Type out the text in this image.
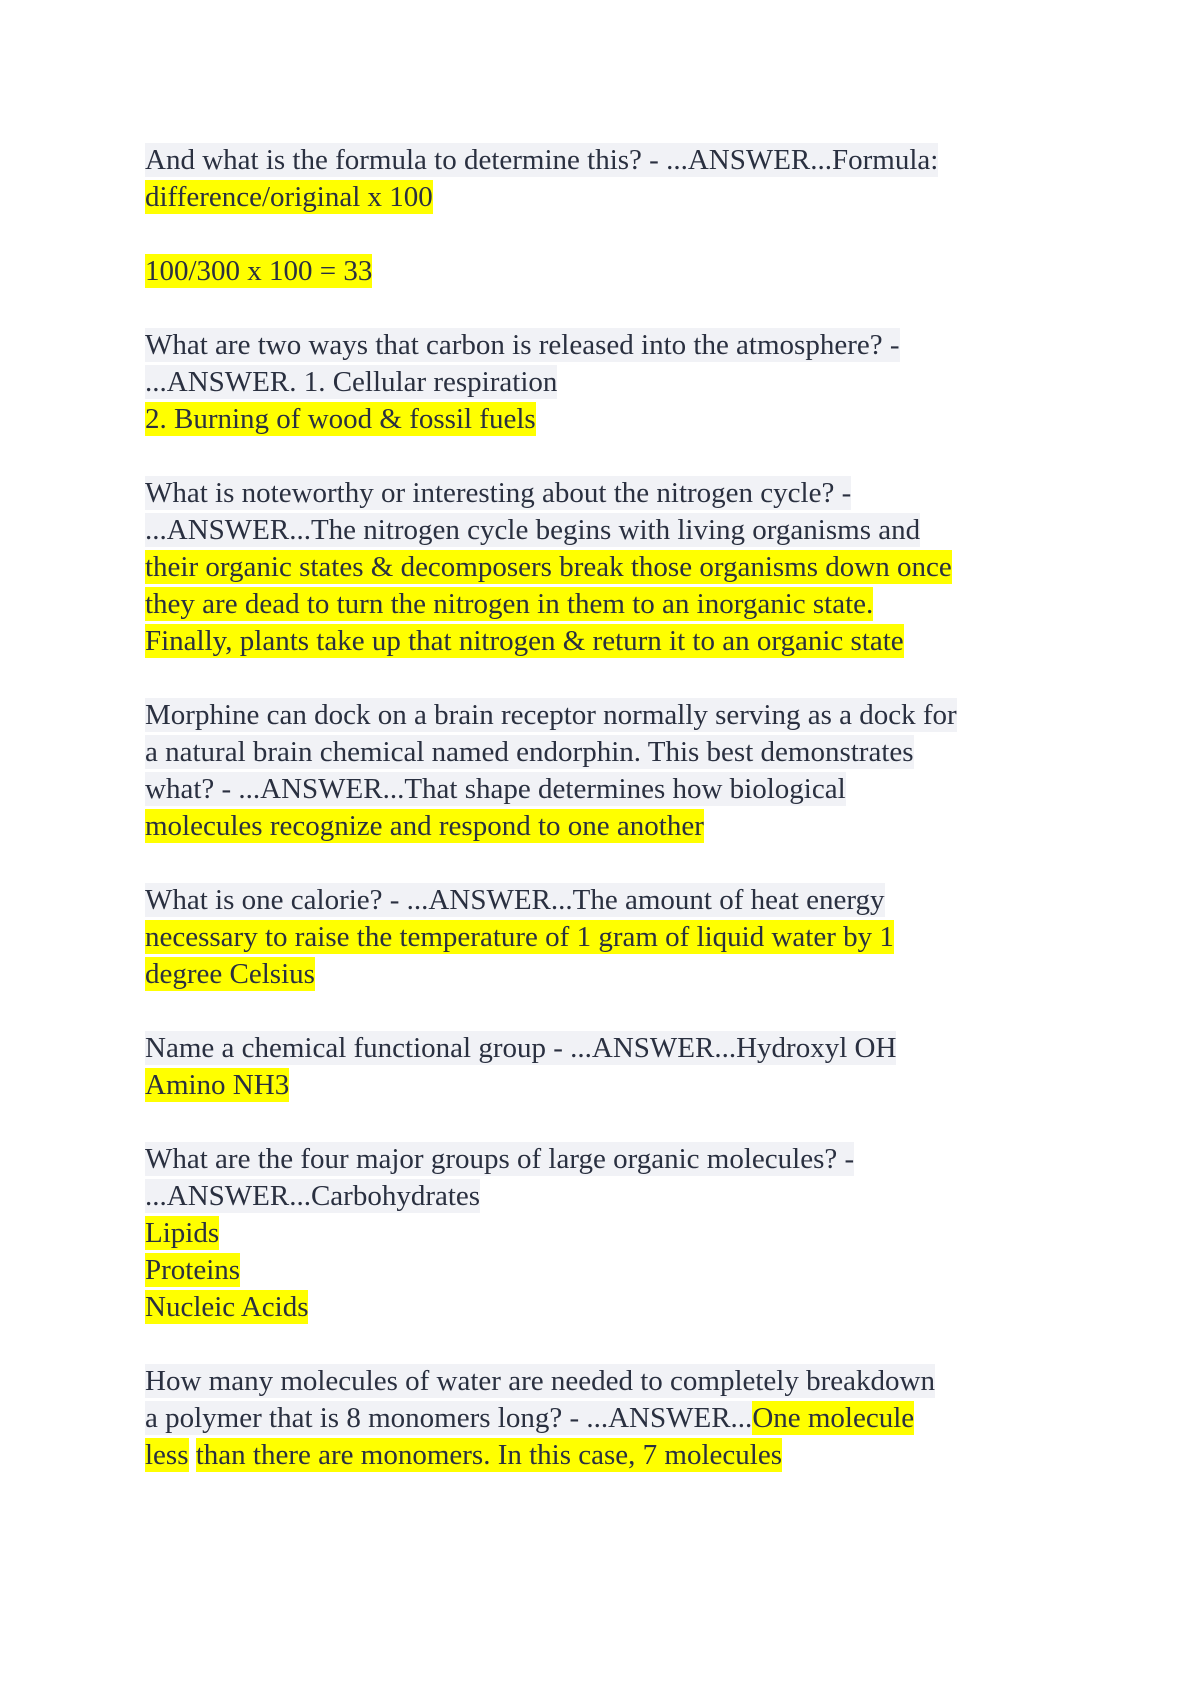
And what is the formula to determine this? - ...ANSWER...Formula:
difference/original x 100
100/300 x 100 = 33
What are two ways that carbon is released into the atmosphere? -
...ANSWER. 1. Cellular respiration
2. Burning of wood & fossil fuels
What is noteworthy or interesting about the nitrogen cycle? -
...ANSWER...The nitrogen cycle begins with living organisms and
their organic states & decomposers break those organisms down once
they are dead to turn the nitrogen in them to an inorganic state.
Finally, plants take up that nitrogen & return it to an organic state
Morphine can dock on a brain receptor normally serving as a dock for
a natural brain chemical named endorphin. This best demonstrates
what? - ...ANSWER...That shape determines how biological
molecules recognize and respond to one another
What is one calorie? - ...ANSWER...The amount of heat energy
necessary to raise the temperature of 1 gram of liquid water by 1
degree Celsius
Name a chemical functional group - ...ANSWER...Hydroxyl OH
Amino NH3
What are the four major groups of large organic molecules? -
...ANSWER...Carbohydrates
Lipids
Proteins
Nucleic Acids
How many molecules of water are needed to completely breakdown
a polymer that is 8 monomers long? - ...ANSWER...One molecule
less than there are monomers. In this case, 7 molecules
